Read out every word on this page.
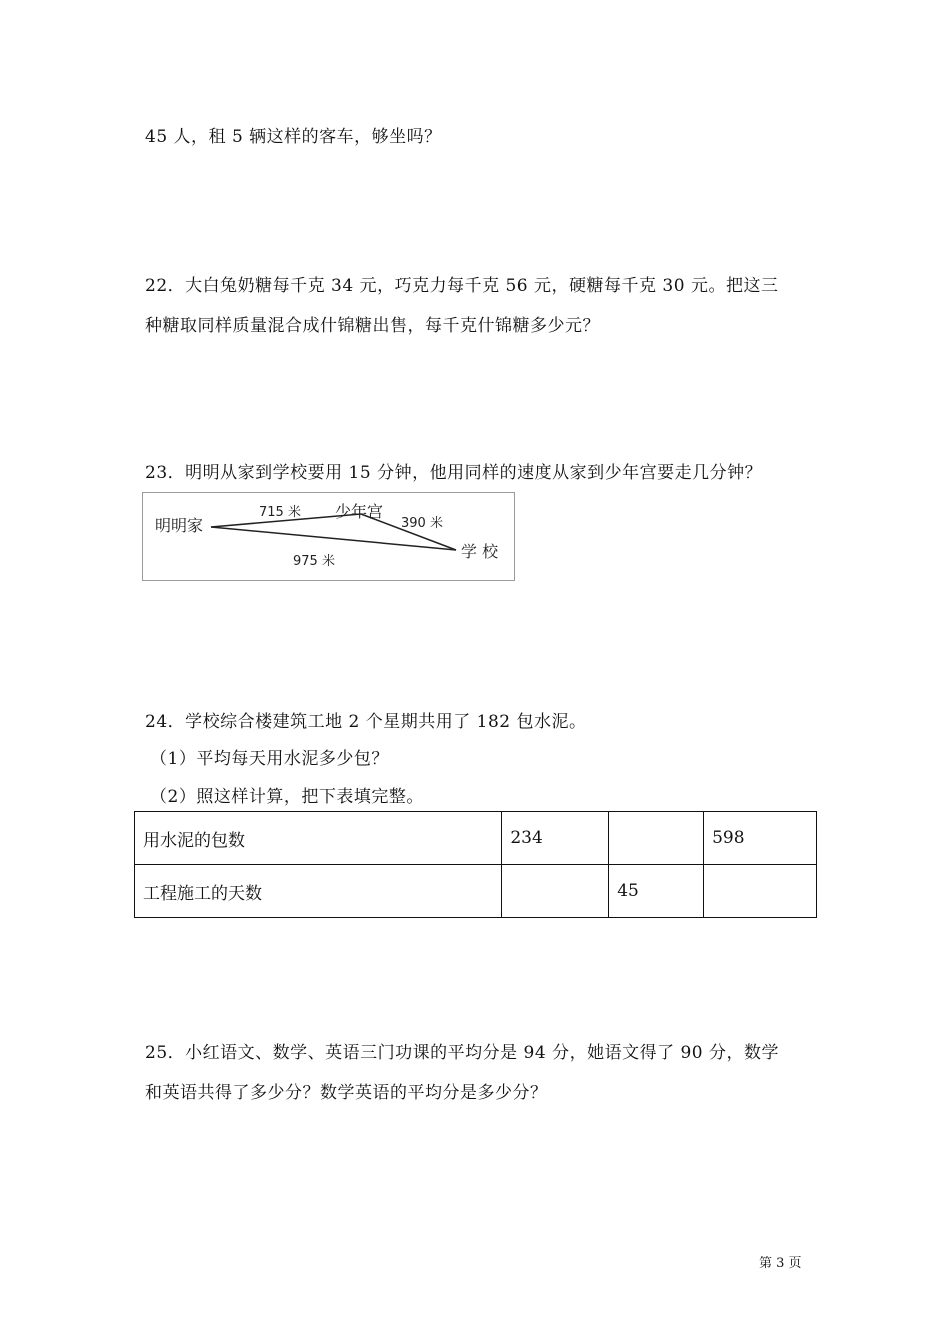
45 人，租 5 辆这样的客车，够坐吗？
22．大白兔奶糖每千克 34 元，巧克力每千克 56 元，硬糖每千克 30 元。把这三
种糖取同样质量混合成什锦糖出售，每千克什锦糖多少元？
23．明明从家到学校要用 15 分钟，他用同样的速度从家到少年宫要走几分钟？
明明家
少年宫
学 校
715 米
390 米
975 米
24．学校综合楼建筑工地 2 个星期共用了 182 包水泥。
（1）平均每天用水泥多少包？
（2）照这样计算，把下表填完整。
用水泥的包数	234		598
工程施工的天数		45	
25．小红语文、数学、英语三门功课的平均分是 94 分，她语文得了 90 分，数学
和英语共得了多少分？数学英语的平均分是多少分？
第 3 页
